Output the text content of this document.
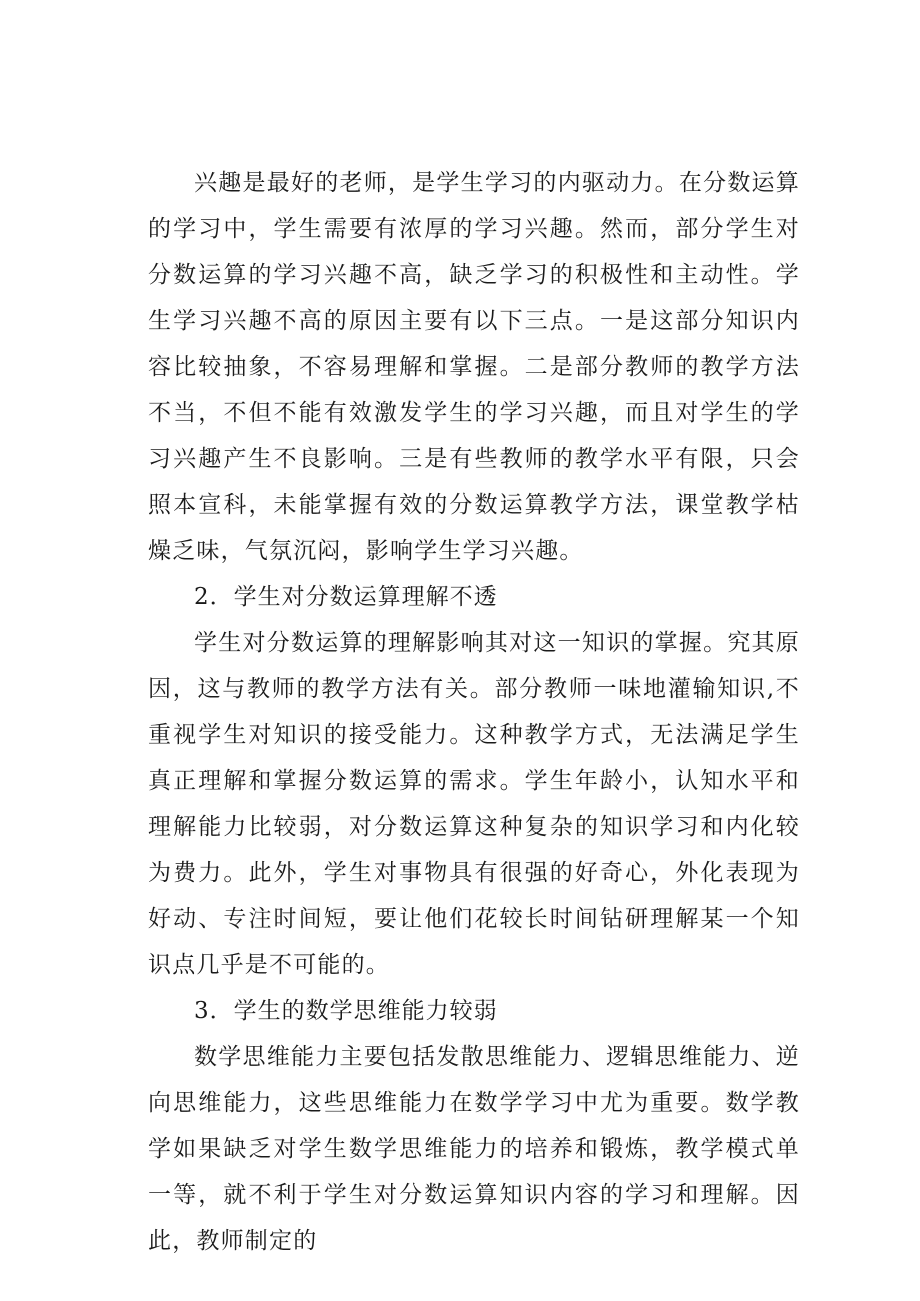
兴趣是最好的老师，是学生学习的内驱动力。在分数运算的学习中，学生需要有浓厚的学习兴趣。然而，部分学生对分数运算的学习兴趣不高，缺乏学习的积极性和主动性。学生学习兴趣不高的原因主要有以下三点。一是这部分知识内容比较抽象，不容易理解和掌握。二是部分教师的教学方法不当，不但不能有效激发学生的学习兴趣，而且对学生的学习兴趣产生不良影响。三是有些教师的教学水平有限，只会照本宣科，未能掌握有效的分数运算教学方法，课堂教学枯燥乏味，气氛沉闷，影响学生学习兴趣。

2．学生对分数运算理解不透

学生对分数运算的理解影响其对这一知识的掌握。究其原因，这与教师的教学方法有关。部分教师一味地灌输知识,不重视学生对知识的接受能力。这种教学方式，无法满足学生真正理解和掌握分数运算的需求。学生年龄小，认知水平和理解能力比较弱，对分数运算这种复杂的知识学习和内化较为费力。此外，学生对事物具有很强的好奇心，外化表现为好动、专注时间短，要让他们花较长时间钻研理解某一个知识点几乎是不可能的。

3．学生的数学思维能力较弱

数学思维能力主要包括发散思维能力、逻辑思维能力、逆向思维能力，这些思维能力在数学学习中尤为重要。数学教学如果缺乏对学生数学思维能力的培养和锻炼，教学模式单一等，就不利于学生对分数运算知识内容的学习和理解。因此，教师制定的
